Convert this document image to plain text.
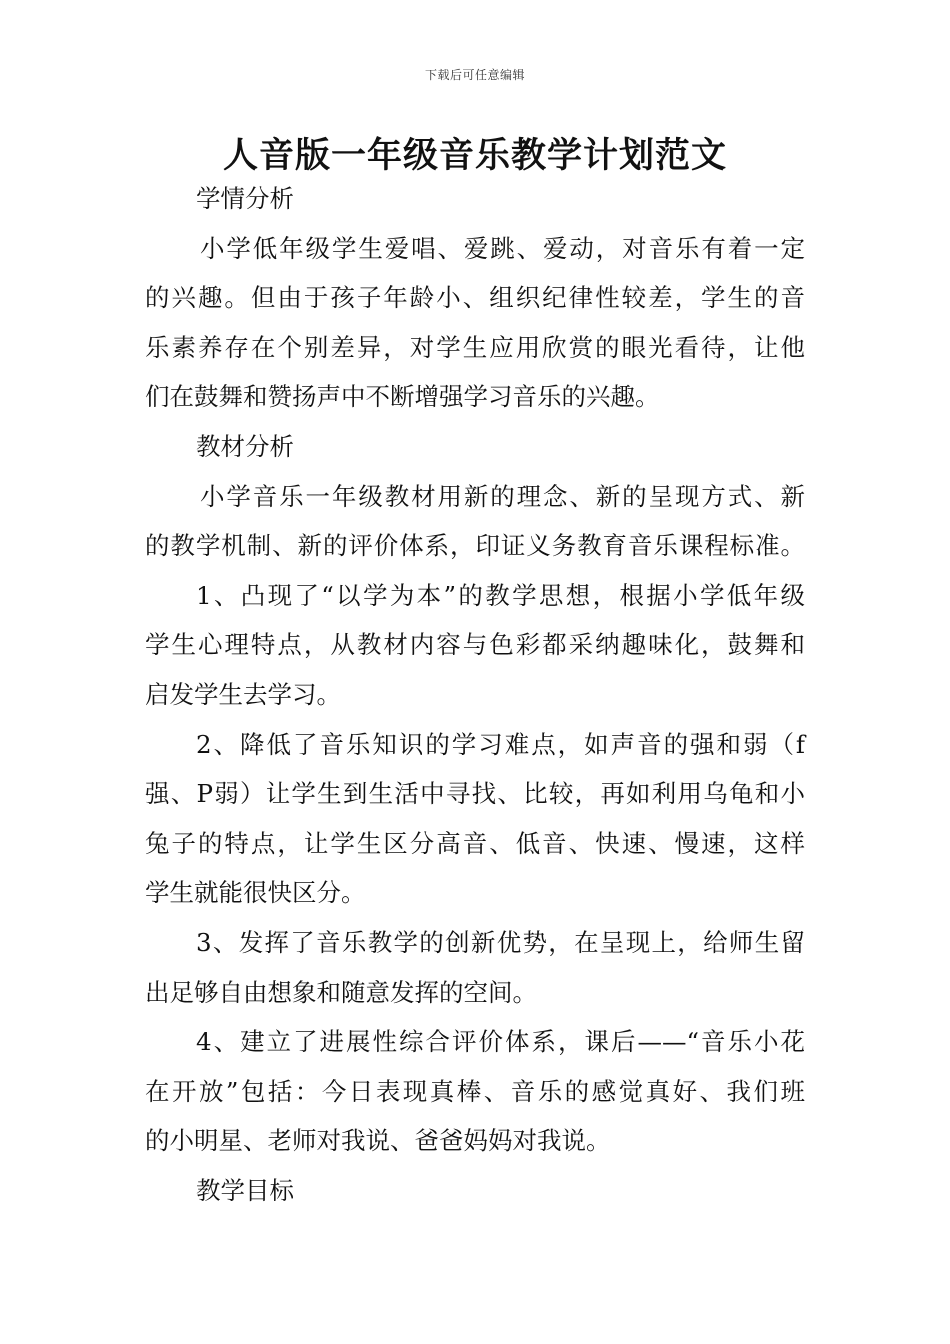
下载后可任意编辑
人音版一年级音乐教学计划范文
学情分析
小学低年级学生爱唱、爱跳、爱动，对音乐有着一定
的兴趣。但由于孩子年龄小、组织纪律性较差，学生的音
乐素养存在个别差异，对学生应用欣赏的眼光看待，让他
们在鼓舞和赞扬声中不断增强学习音乐的兴趣。
教材分析
小学音乐一年级教材用新的理念、新的呈现方式、新
的教学机制、新的评价体系，印证义务教育音乐课程标准。
1、凸现了“以学为本”的教学思想，根据小学低年级
学生心理特点，从教材内容与色彩都采纳趣味化，鼓舞和
启发学生去学习。
2、降低了音乐知识的学习难点，如声音的强和弱（f
强、P弱）让学生到生活中寻找、比较，再如利用乌龟和小
兔子的特点，让学生区分高音、低音、快速、慢速，这样
学生就能很快区分。
3、发挥了音乐教学的创新优势，在呈现上，给师生留
出足够自由想象和随意发挥的空间。
4、建立了进展性综合评价体系，课后——“音乐小花
在开放”包括：今日表现真棒、音乐的感觉真好、我们班
的小明星、老师对我说、爸爸妈妈对我说。
教学目标
